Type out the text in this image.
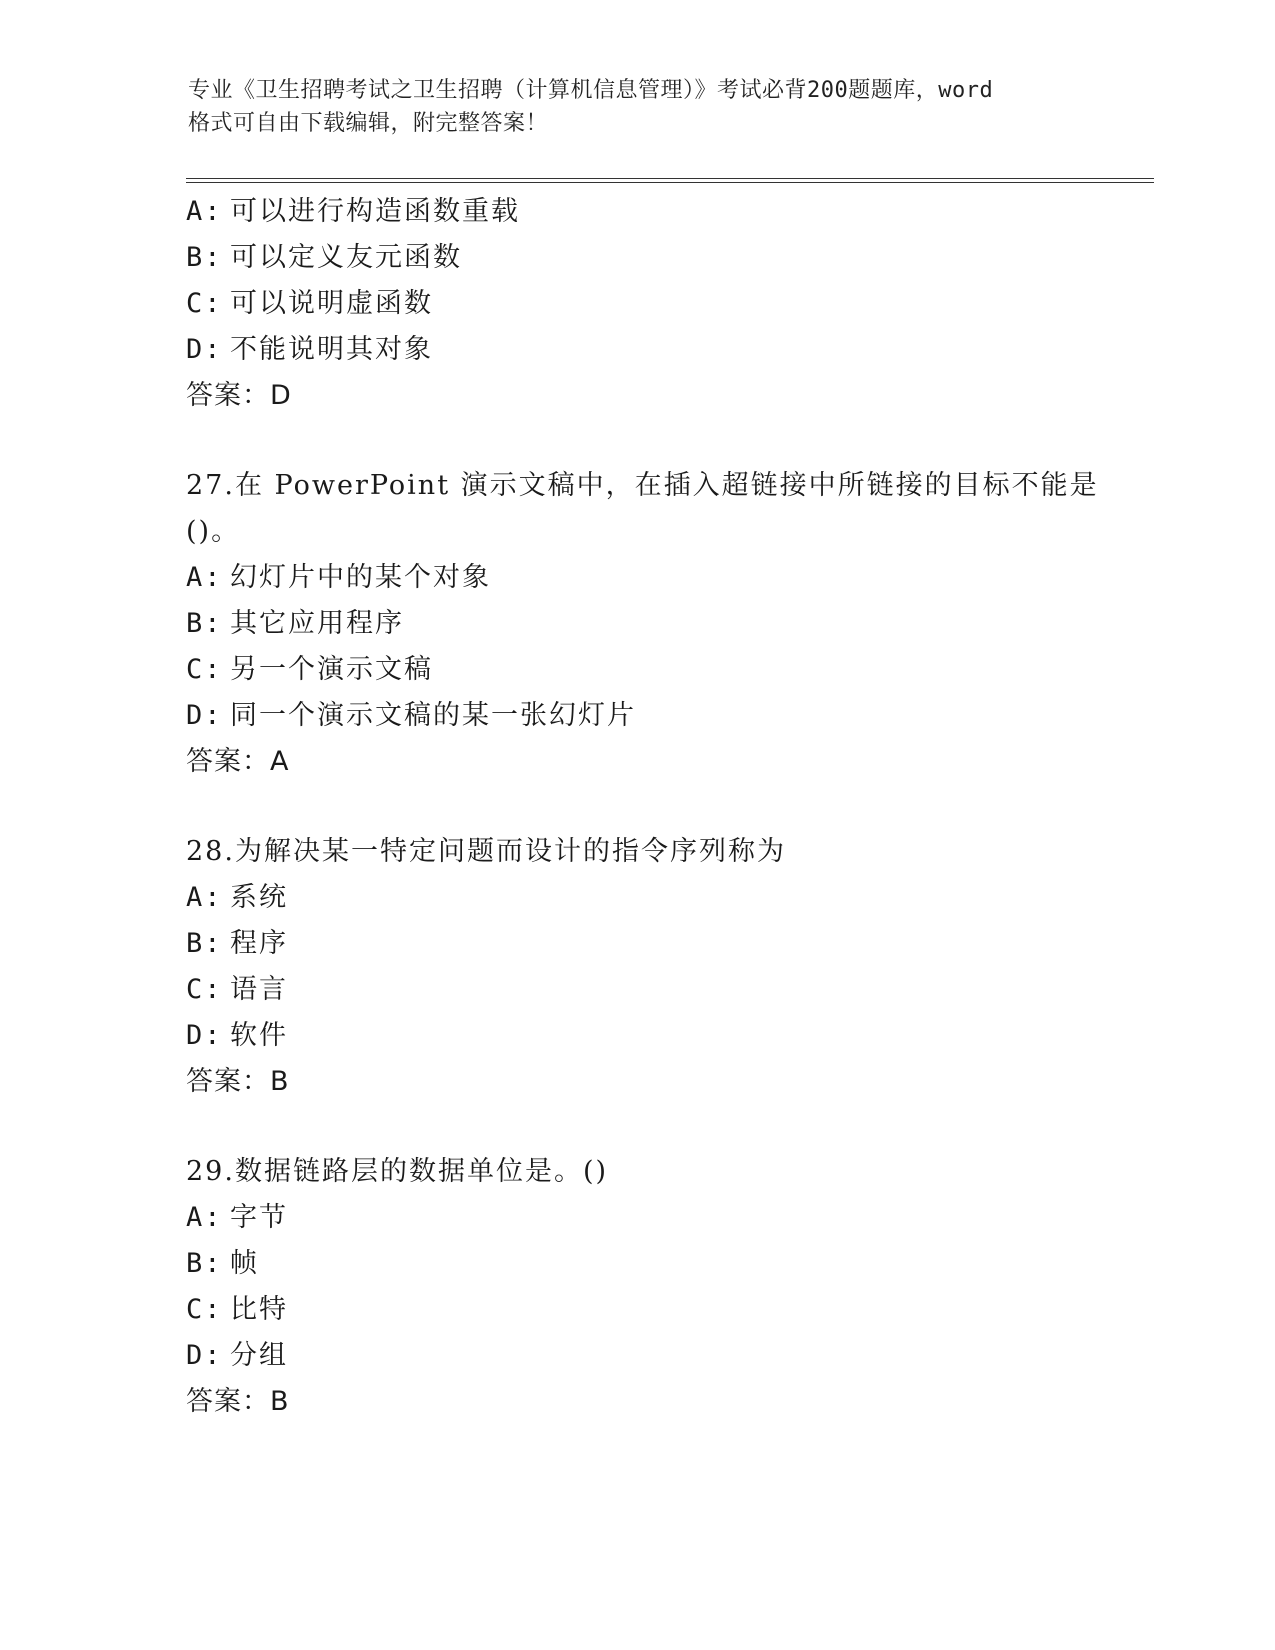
专业《卫生招聘考试之卫生招聘（计算机信息管理）》考试必背200题题库，word
格式可自由下载编辑，附完整答案！
A: 可以进行构造函数重载
B: 可以定义友元函数
C: 可以说明虚函数
D: 不能说明其对象
答案：D
27.在 PowerPoint 演示文稿中，在插入超链接中所链接的目标不能是
()。
A: 幻灯片中的某个对象
B: 其它应用程序
C: 另一个演示文稿
D: 同一个演示文稿的某一张幻灯片
答案：A
28.为解决某一特定问题而设计的指令序列称为
A: 系统
B: 程序
C: 语言
D: 软件
答案：B
29.数据链路层的数据单位是。()
A: 字节
B: 帧
C: 比特
D: 分组
答案：B
